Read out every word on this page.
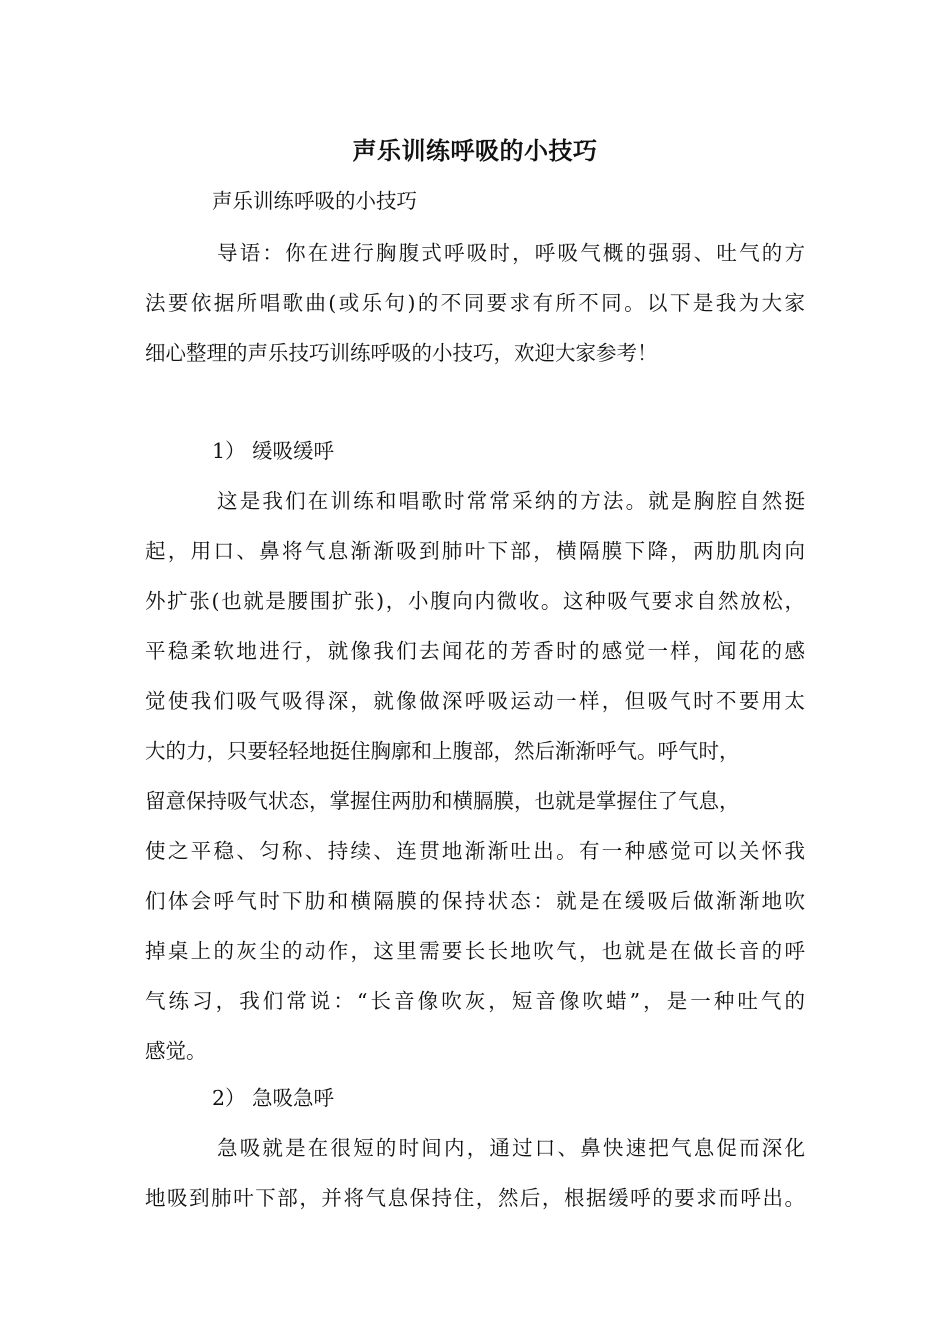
声乐训练呼吸的小技巧
声乐训练呼吸的小技巧
导语：你在进行胸腹式呼吸时，呼吸气概的强弱、吐气的方
法要依据所唱歌曲(或乐句)的不同要求有所不同。以下是我为大家
细心整理的声乐技巧训练呼吸的小技巧，欢迎大家参考！
1） 缓吸缓呼
这是我们在训练和唱歌时常常采纳的方法。就是胸腔自然挺
起，用口、鼻将气息渐渐吸到肺叶下部，横隔膜下降，两肋肌肉向
外扩张(也就是腰围扩张)，小腹向内微收。这种吸气要求自然放松，
平稳柔软地进行，就像我们去闻花的芳香时的感觉一样，闻花的感
觉使我们吸气吸得深，就像做深呼吸运动一样，但吸气时不要用太
大的力，只要轻轻地挺住胸廓和上腹部，然后渐渐呼气。呼气时，
留意保持吸气状态，掌握住两肋和横膈膜，也就是掌握住了气息，
使之平稳、匀称、持续、连贯地渐渐吐出。有一种感觉可以关怀我
们体会呼气时下肋和横隔膜的保持状态：就是在缓吸后做渐渐地吹
掉桌上的灰尘的动作，这里需要长长地吹气，也就是在做长音的呼
气练习，我们常说：“长音像吹灰，短音像吹蜡”，是一种吐气的
感觉。
2） 急吸急呼
急吸就是在很短的时间内，通过口、鼻快速把气息促而深化
地吸到肺叶下部，并将气息保持住，然后，根据缓呼的要求而呼出。
